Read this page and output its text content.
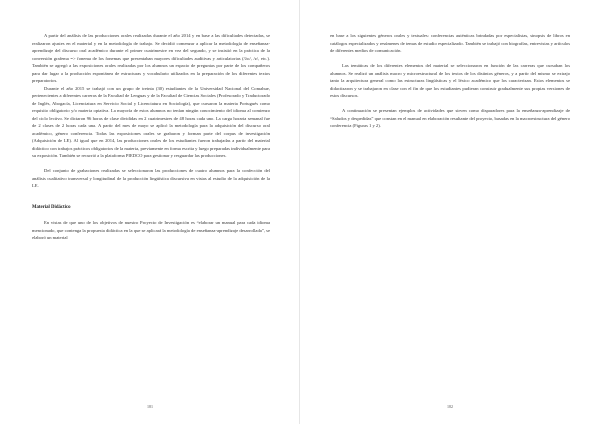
A partir del análisis de las producciones orales realizadas durante el año 2014 y en base a las dificultades detectadas, se realizaron ajustes en el material y en la metodología de trabajo. Se decidió comenzar a aplicar la metodología de enseñanza-aprendizaje del discurso oral académico durante el primer cuatrimestre en vez del segundo, y se insistió en la práctica de la conversión grafema => fonema de los fonemas que presentaban mayores dificultades auditivas y articulatorias (/λo/, /z/, etc.). También se agregó a las exposiciones orales realizadas por los alumnos un espacio de preguntas por parte de los compañeros para dar lugar a la producción espontánea de estructuras y vocabulario utilizados en la preparación de los diferentes textos preparatorios.

Durante el año 2015 se trabajó con un grupo de treinta (30) estudiantes de la Universidad Nacional del Comahue, pertenecientes a diferentes carreras de la Facultad de Lenguas y de la Facultad de Ciencias Sociales (Profesorado y Traductorado de Inglés, Abogacía, Licenciatura en Servicio Social y Licenciatura en Sociología), que cursaron la materia Portugués como requisito obligatorio y/o materia optativa. La mayoría de estos alumnos no tenían ningún conocimiento del idioma al comienzo del ciclo lectivo. Se dictaron 96 horas de clase divididas en 2 cuatrimestres de 48 horas cada uno. La carga horaria semanal fue de 2 clases de 2 horas cada una. A partir del mes de mayo se aplicó la metodología para la adquisición del discurso oral académico, género conferencia. Todas las exposiciones orales se grabaron y forman parte del corpus de investigación (Adquisición de LE). Al igual que en 2014, las producciones orales de los estudiantes fueron trabajadas a partir del material didáctico con trabajos prácticos obligatorios de la materia, previamente en forma escrita y luego preparadas individualmente para su exposición. También se recurrió a la plataforma PIEDCO para gestionar y resguardar las producciones.

Del conjunto de grabaciones realizadas se seleccionaron las producciones de cuatro alumnos para la confección del análisis cualitativo transversal y longitudinal de la producción lingüística discursiva en vistas al estudio de la adquisición de la LE.

Material Didáctico

En vistas de que uno de los objetivos de nuestro Proyecto de Investigación es “elaborar un manual para cada idioma mencionado, que contenga la propuesta didáctica en la que se aplicará la metodología de enseñanza-aprendizaje desarrollada”, se elaboró un material

181

en base a los siguientes géneros orales y textuales: conferencias auténticas brindadas por especialistas, sinopsis de libros en catálogos especializados y resúmenes de temas de estudio especializado. También se trabajó con biografías, entrevistas y artículos de diferentes medios de comunicación.

Las temáticas de los diferentes elementos del material se seleccionaron en función de las carreras que cursaban los alumnos. Se realizó un análisis macro y microestructural de los textos de los distintos géneros, y a partir del mismo se extrajo tanto la arquitectura general como las estructuras lingüísticas y el léxico académico que los caracterizan. Estos elementos se didactizaron y se trabajaron en clase con el fin de que los estudiantes pudieran construir gradualmente sus propias versiones de estos discursos.

A continuación se presentan ejemplos de actividades que sirven como disparadores para la enseñanza-aprendizaje de “Saludos y despedidas” que constan en el manual en elaboración resultante del proyecto, basadas en la macroestructura del género conferencia (Figuras 1 y 2).

182
